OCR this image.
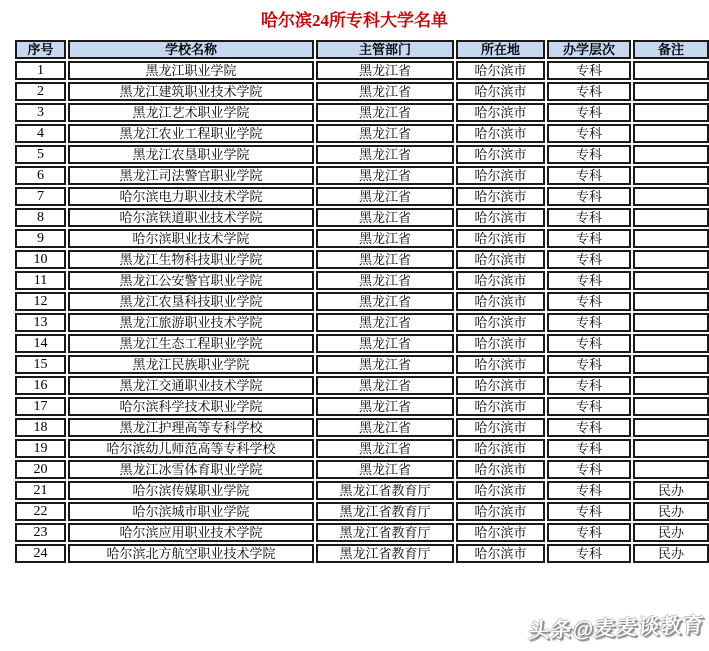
哈尔滨24所专科大学名单
序号	学校名称	主管部门	所在地	办学层次	备注
1	黑龙江职业学院	黑龙江省	哈尔滨市	专科	
2	黑龙江建筑职业技术学院	黑龙江省	哈尔滨市	专科	
3	黑龙江艺术职业学院	黑龙江省	哈尔滨市	专科	
4	黑龙江农业工程职业学院	黑龙江省	哈尔滨市	专科	
5	黑龙江农垦职业学院	黑龙江省	哈尔滨市	专科	
6	黑龙江司法警官职业学院	黑龙江省	哈尔滨市	专科	
7	哈尔滨电力职业技术学院	黑龙江省	哈尔滨市	专科	
8	哈尔滨铁道职业技术学院	黑龙江省	哈尔滨市	专科	
9	哈尔滨职业技术学院	黑龙江省	哈尔滨市	专科	
10	黑龙江生物科技职业学院	黑龙江省	哈尔滨市	专科	
11	黑龙江公安警官职业学院	黑龙江省	哈尔滨市	专科	
12	黑龙江农垦科技职业学院	黑龙江省	哈尔滨市	专科	
13	黑龙江旅游职业技术学院	黑龙江省	哈尔滨市	专科	
14	黑龙江生态工程职业学院	黑龙江省	哈尔滨市	专科	
15	黑龙江民族职业学院	黑龙江省	哈尔滨市	专科	
16	黑龙江交通职业技术学院	黑龙江省	哈尔滨市	专科	
17	哈尔滨科学技术职业学院	黑龙江省	哈尔滨市	专科	
18	黑龙江护理高等专科学校	黑龙江省	哈尔滨市	专科	
19	哈尔滨幼儿师范高等专科学校	黑龙江省	哈尔滨市	专科	
20	黑龙江冰雪体育职业学院	黑龙江省	哈尔滨市	专科	
21	哈尔滨传媒职业学院	黑龙江省教育厅	哈尔滨市	专科	民办
22	哈尔滨城市职业学院	黑龙江省教育厅	哈尔滨市	专科	民办
23	哈尔滨应用职业技术学院	黑龙江省教育厅	哈尔滨市	专科	民办
24	哈尔滨北方航空职业技术学院	黑龙江省教育厅	哈尔滨市	专科	民办
头条@麦麦谈教育
